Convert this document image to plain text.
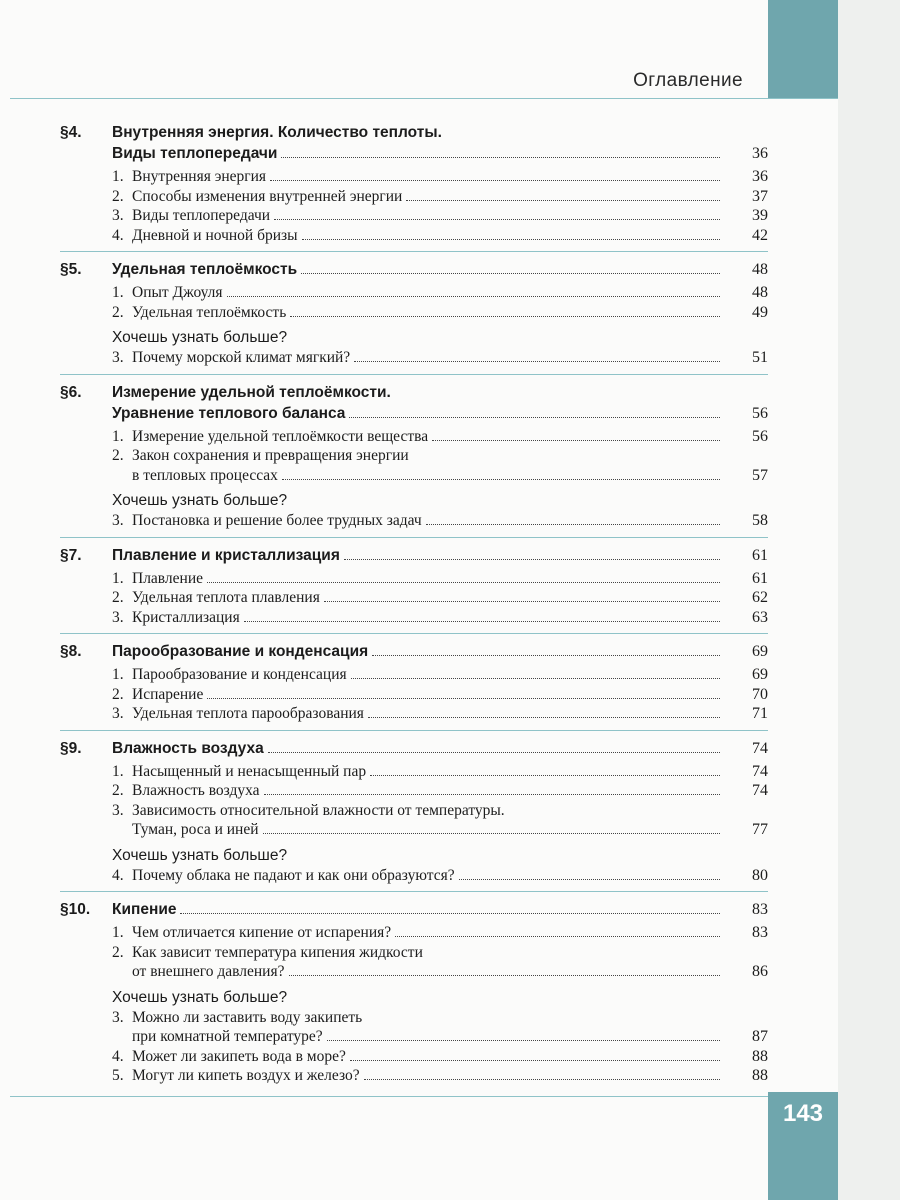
Оглавление
§4.	Внутренняя энергия. Количество теплоты.
Виды теплопередачи	36
1. Внутренняя энергия	36
2. Способы изменения внутренней энергии	37
3. Виды теплопередачи	39
4. Дневной и ночной бризы	42
§5.	Удельная теплоёмкость	48
1. Опыт Джоуля	48
2. Удельная теплоёмкость	49
Хочешь узнать больше?
3. Почему морской климат мягкий?	51
§6.	Измерение удельной теплоёмкости.
Уравнение теплового баланса	56
1. Измерение удельной теплоёмкости вещества	56
2. Закон сохранения и превращения энергии
в тепловых процессах	57
Хочешь узнать больше?
3. Постановка и решение более трудных задач	58
§7.	Плавление и кристаллизация	61
1. Плавление	61
2. Удельная теплота плавления	62
3. Кристаллизация	63
§8.	Парообразование и конденсация	69
1. Парообразование и конденсация	69
2. Испарение	70
3. Удельная теплота парообразования	71
§9.	Влажность воздуха	74
1. Насыщенный и ненасыщенный пар	74
2. Влажность воздуха	74
3. Зависимость относительной влажности от температуры.
Туман, роса и иней	77
Хочешь узнать больше?
4. Почему облака не падают и как они образуются?	80
§10.	Кипение	83
1. Чем отличается кипение от испарения?	83
2. Как зависит температура кипения жидкости
от внешнего давления?	86
Хочешь узнать больше?
3. Можно ли заставить воду закипеть
при комнатной температуре?	87
4. Может ли закипеть вода в море?	88
5. Могут ли кипеть воздух и железо?	88
143
